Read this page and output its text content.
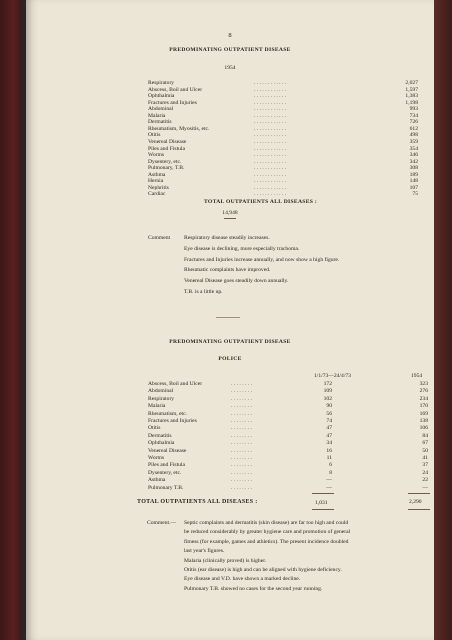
8
PREDOMINATING OUTPATIENT DISEASE
1954
Respiratory	. . . . . . . . . . . .	2,027
Abscess, Boil and Ulcer	. . . . . . . . . . . .	1,597
Ophthalmia	. . . . . . . . . . . .	1,383
Fractures and Injuries	. . . . . . . . . . . .	1,198
Abdominal	. . . . . . . . . . . .	993
Malaria	. . . . . . . . . . . .	734
Dermatitis	. . . . . . . . . . . .	726
Rheumatism, Myositis, etc.	. . . . . . . . . . . .	612
Otitis	. . . . . . . . . . . .	498
Venereal Disease	. . . . . . . . . . . .	359
Piles and Fistula	. . . . . . . . . . . .	354
Worms	. . . . . . . . . . . .	346
Dysentery, etc.	. . . . . . . . . . . .	342
Pulmonary, T.B.	. . . . . . . . . . . .	308
Asthma	. . . . . . . . . . . .	189
Hernia	. . . . . . . . . . . .	148
Nephritis	. . . . . . . . . . . .	107
Cardiac	. . . . . . . . . . . .	75
TOTAL OUTPATIENTS ALL DISEASES :
14,948
Comment Respiratory disease steadily increases.
Eye disease is declining, more especially trachoma.
Fractures and Injuries increase annually, and now show a high figure.
Rheumatic complaints have improved.
Venereal Disease goes steadily down annually.
T.B. is a little up.
PREDOMINATING OUTPATIENT DISEASE
POLICE
1/1/73—24/4/73	1954
Abscess, Boil and Ulcer	. . . . . . . .	172	323
Abdominal	. . . . . . . .	109	276
Respiratory	. . . . . . . .	102	234
Malaria	. . . . . . . .	90	170
Rheumatism, etc.	. . . . . . . .	56	169
Fractures and Injuries	. . . . . . . .	74	138
Otitis	. . . . . . . .	47	106
Dermatitis	. . . . . . . .	47	84
Ophthalmia	. . . . . . . .	34	67
Venereal Disease	. . . . . . . .	16	50
Worms	. . . . . . . .	11	41
Piles and Fistula	. . . . . . . .	6	37
Dysentery, etc.	. . . . . . . .	8	24
Asthma	. . . . . . . .	—	22
Pulmonary T.B.	. . . . . . . .	—	—
TOTAL OUTPATIENTS ALL DISEASES :	1,031	2,290
Comment.— Septic complaints and dermatitis (skin disease) are far too high and could
be reduced considerably by greater hygiene care and promotion of general
fitness (for example, games and athletics). The present incidence doubled
last year's figures.
Malaria (clinically proved) is higher.
Otitis (ear disease) is high and can be aligned with hygiene deficiency.
Eye disease and V.D. have shown a marked decline.
Pulmonary T.B. showed no cases for the second year running.
